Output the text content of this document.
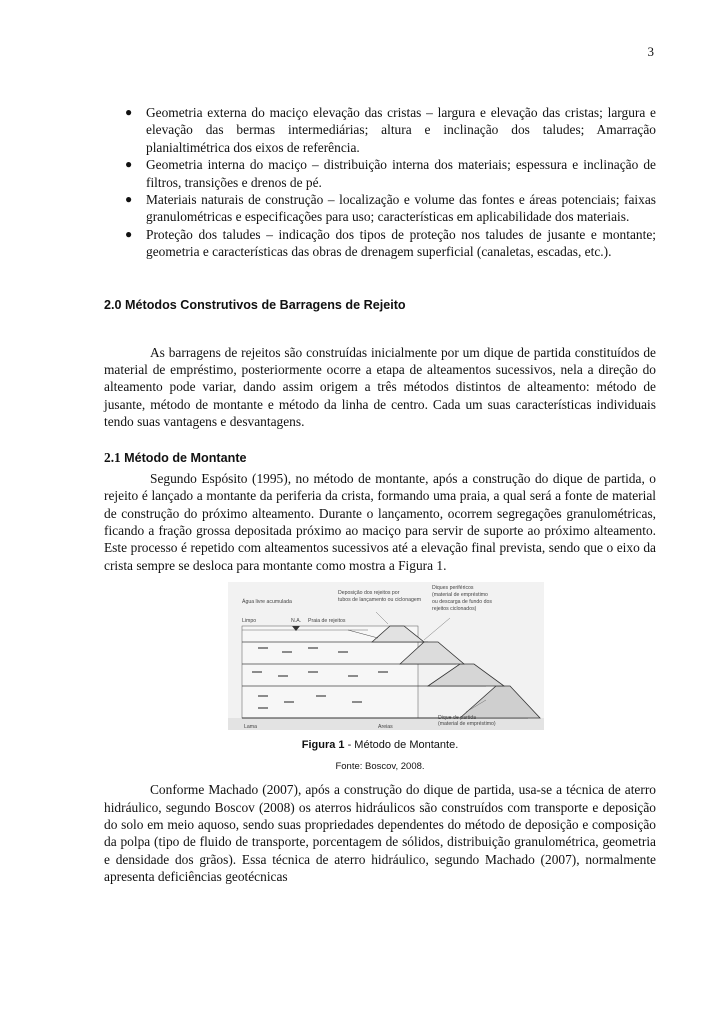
3
● Geometria externa do maciço elevação das cristas – largura e elevação das cristas; largura e elevação das bermas intermediárias; altura e inclinação dos taludes; Amarração planialtimétrica dos eixos de referência.
● Geometria interna do maciço – distribuição interna dos materiais; espessura e inclinação de filtros, transições e drenos de pé.
● Materiais naturais de construção – localização e volume das fontes e áreas potenciais; faixas granulométricas e especificações para uso; características em aplicabilidade dos materiais.
● Proteção dos taludes – indicação dos tipos de proteção nos taludes de jusante e montante; geometria e características das obras de drenagem superficial (canaletas, escadas, etc.).
2.0 Métodos Construtivos de Barragens de Rejeito

As barragens de rejeitos são construídas inicialmente por um dique de partida constituídos de material de empréstimo, posteriormente ocorre a etapa de alteamentos sucessivos, nela a direção do alteamento pode variar, dando assim origem a três métodos distintos de alteamento: método de jusante, método de montante e método da linha de centro. Cada um suas características individuais tendo suas vantagens e desvantagens.

2.1 Método de Montante

Segundo Espósito (1995), no método de montante, após a construção do dique de partida, o rejeito é lançado a montante da periferia da crista, formando uma praia, a qual será a fonte de material de construção do próximo alteamento. Durante o lançamento, ocorrem segregações granulométricas, ficando a fração grossa depositada próximo ao maciço para servir de suporte ao próximo alteamento. Este processo é repetido com alteamentos sucessivos até a elevação final prevista, sendo que o eixo da crista sempre se desloca para montante como mostra a Figura 1.

Água livre acumulada
Deposição dos rejeitos por
tubos de lançamento ou ciclonagem
Diques periféricos
(material de empréstimo
ou descarga de fundo dos
rejeitos ciclonados)
Limpo	N.A. Praia de rejeitos
Lama	Areias
Dique de partida
(material de empréstimo)
Figura 1 - Método de Montante.
Fonte: Boscov, 2008.

Conforme Machado (2007), após a construção do dique de partida, usa-se a técnica de aterro hidráulico, segundo Boscov (2008) os aterros hidráulicos são construídos com transporte e deposição do solo em meio aquoso, sendo suas propriedades dependentes do método de deposição e composição da polpa (tipo de fluido de transporte, porcentagem de sólidos, distribuição granulométrica, geometria e densidade dos grãos). Essa técnica de aterro hidráulico, segundo Machado (2007), normalmente apresenta deficiências geotécnicas
